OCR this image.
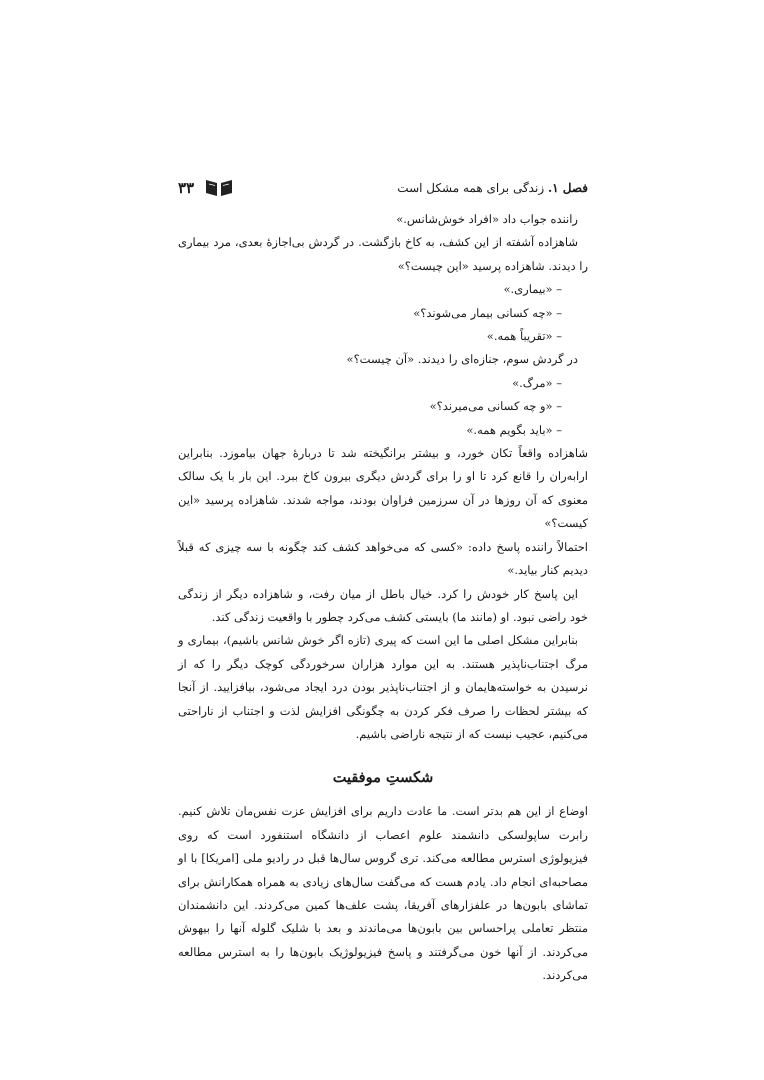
۳۳	فصل ۱. زندگی برای همه مشکل است

راننده جواب داد «افراد خوش‌شانس.»

شاهزاده آشفته از این کشف، به کاخ بازگشت. در گردش بی‌اجازهٔ بعدی، مرد بیماری را دیدند. شاهزاده پرسید «این چیست؟»

– «بیماری.»

– «چه کسانی بیمار می‌شوند؟»

– «تقریباً همه.»

در گردش سوم، جنازه‌ای را دیدند. «آن چیست؟»

– «مرگ.»

– «و چه کسانی می‌میرند؟»

– «باید بگویم همه.»

شاهزاده واقعاً تکان خورد، و بیشتر برانگیخته شد تا دربارهٔ جهان بیاموزد. بنابراین ارابه‌ران را قانع کرد تا او را برای گردش دیگری بیرون کاخ ببرد. این بار با یک سالک معنوی که آن روزها در آن سرزمین فراوان بودند، مواجه شدند. شاهزاده پرسید «این کیست؟»

احتمالاً راننده پاسخ داده: «کسی که می‌خواهد کشف کند چگونه با سه چیزی که قبلاً دیدیم کنار بیاید.»

این پاسخ کار خودش را کرد. خیال باطل از میان رفت، و شاهزاده دیگر از زندگی خود راضی نبود. او (مانند ما) بایستی کشف می‌کرد چطور با واقعیت زندگی کند.

بنابراین مشکل اصلی ما این است که پیری (تازه اگر خوش شانس باشیم)، بیماری و مرگ اجتناب‌ناپذیر هستند. به این موارد هزاران سرخوردگی کوچک دیگر را که از نرسیدن به خواسته‌هایمان و از اجتناب‌ناپذیر بودن درد ایجاد می‌شود، بیافزایید. از آنجا که بیشتر لحظات را صرف فکر کردن به چگونگی افزایش لذت و اجتناب از ناراحتی می‌کنیم، عجیب نیست که از نتیجه ناراضی باشیم.

شکستِ موفقیت

اوضاع از این هم بدتر است. ما عادت داریم برای افزایش عزت نفس‌مان تلاش کنیم. رابرت ساپولسکی دانشمند علوم اعصاب از دانشگاه استنفورد است که روی فیزیولوژی استرس مطالعه می‌کند. تری گروس سال‌ها قبل در رادیو ملی [امریکا] با او مصاحبه‌ای انجام داد. یادم هست که می‌گفت سال‌های زیادی به همراه همکارانش برای تماشای بابون‌ها در علفزارهای آفریقا، پشت علف‌ها کمین می‌کردند. این دانشمندان منتظر تعاملی پراحساس بین بابون‌ها می‌ماندند و بعد با شلیک گلوله آنها را بیهوش می‌کردند. از آنها خون می‌گرفتند و پاسخ فیزیولوژیک بابون‌ها را به استرس مطالعه می‌کردند.
